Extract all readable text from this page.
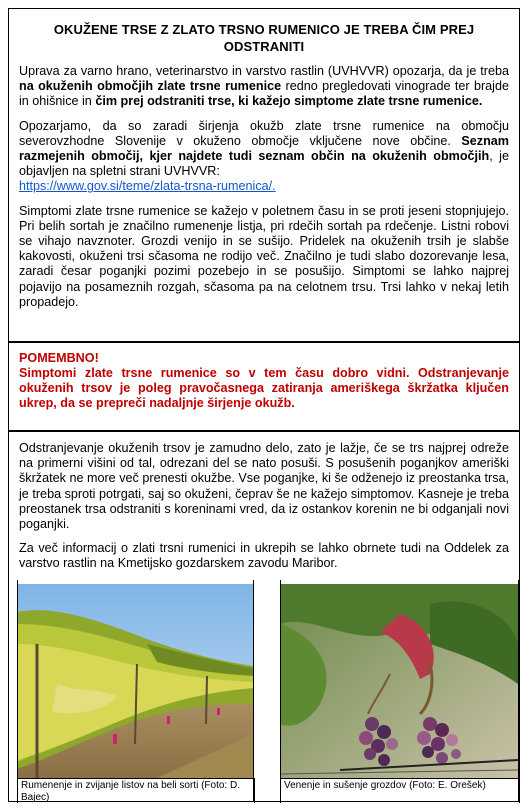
OKUŽENE TRSE Z ZLATO TRSNO RUMENICO JE TREBA ČIM PREJ ODSTRANITI

Uprava za varno hrano, veterinarstvo in varstvo rastlin (UVHVVR) opozarja, da je treba na okuženih območjih zlate trsne rumenice redno pregledovati vinograde ter brajde in ohišnice in čim prej odstraniti trse, ki kažejo simptome zlate trsne rumenice.

Opozarjamo, da so zaradi širjenja okužb zlate trsne rumenice na območju severovzhodne Slovenije v okuženo območje vključene nove občine. Seznam razmejenih območij, kjer najdete tudi seznam občin na okuženih območjih, je objavljen na spletni strani UVHVVR:
https://www.gov.si/teme/zlata-trsna-rumenica/.

Simptomi zlate trsne rumenice se kažejo v poletnem času in se proti jeseni stopnjujejo. Pri belih sortah je značilno rumenenje listja, pri rdečih sortah pa rdečenje. Listni robovi se vihajo navznoter. Grozdi venijo in se sušijo. Pridelek na okuženih trsih je slabše kakovosti, okuženi trsi sčasoma ne rodijo več. Značilno je tudi slabo dozorevanje lesa, zaradi česar poganjki pozimi pozebejo in se posušijo. Simptomi se lahko najprej pojavijo na posameznih rozgah, sčasoma pa na celotnem trsu. Trsi lahko v nekaj letih propadejo.

POMEMBNO!

Simptomi zlate trsne rumenice so v tem času dobro vidni. Odstranjevanje okuženih trsov je poleg pravočasnega zatiranja ameriškega škržatka ključen ukrep, da se prepreči nadaljnje širjenje okužb.

Odstranjevanje okuženih trsov je zamudno delo, zato je lažje, če se trs najprej odreže na primerni višini od tal, odrezani del se nato posuši. S posušenih poganjkov ameriški škržatek ne more več prenesti okužbe. Vse poganjke, ki še odženejo iz preostanka trsa, je treba sproti potrgati, saj so okuženi, čeprav še ne kažejo simptomov. Kasneje je treba preostanek trsa odstraniti s koreninami vred, da iz ostankov korenin ne bi odganjali novi poganjki.

Za več informacij o zlati trsni rumenici in ukrepih se lahko obrnete tudi na Oddelek za varstvo rastlin na Kmetijsko gozdarskem zavodu Maribor.

Rumenenje in zvijanje listov na beli sorti (Foto: D. Bajec)

Venenje in sušenje grozdov (Foto: E. Orešek)
